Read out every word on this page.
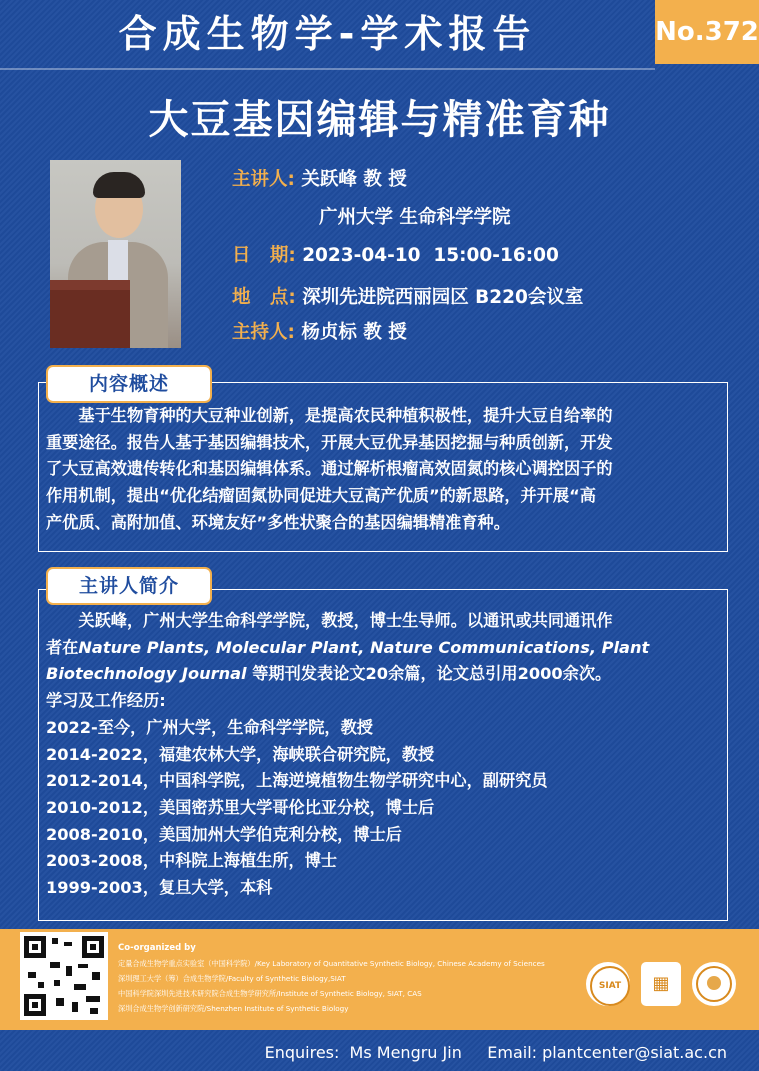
合成生物学-学术报告	No.372
大豆基因编辑与精准育种
主讲人: 关跃峰 教 授
广州大学 生命科学学院
日   期: 2023-04-10  15:00-16:00
地   点: 深圳先进院西丽园区 B220会议室
主持人: 杨贞标 教 授
内容概述
基于生物育种的大豆种业创新，是提高农民种植积极性，提升大豆自给率的
重要途径。报告人基于基因编辑技术，开展大豆优异基因挖掘与种质创新，开发
了大豆高效遗传转化和基因编辑体系。通过解析根瘤高效固氮的核心调控因子的
作用机制，提出“优化结瘤固氮协同促进大豆高产优质”的新思路，并开展“高
产优质、高附加值、环境友好”多性状聚合的基因编辑精准育种。
主讲人简介
关跃峰，广州大学生命科学学院，教授，博士生导师。以通讯或共同通讯作
者在Nature Plants, Molecular Plant, Nature Communications, Plant
Biotechnology Journal 等期刊发表论文20余篇，论文总引用2000余次。
学习及工作经历:
2022-至今，广州大学，生命科学学院，教授
2014-2022，福建农林大学，海峡联合研究院，教授
2012-2014，中国科学院，上海逆境植物生物学研究中心，副研究员
2010-2012，美国密苏里大学哥伦比亚分校，博士后
2008-2010，美国加州大学伯克利分校，博士后
2003-2008，中科院上海植生所，博士
1999-2003，复旦大学，本科
Co-organized by
定量合成生物学重点实验室（中国科学院）/Key Laboratory of Quantitative Synthetic Biology, Chinese Academy of Sciences
深圳理工大学（筹）合成生物学院/Faculty of Synthetic Biology,SIAT
中国科学院深圳先进技术研究院合成生物学研究所/Institute of Synthetic Biology, SIAT, CAS
深圳合成生物学创新研究院/Shenzhen Institute of Synthetic Biology
SIAT	▦
Enquires:  Ms Mengru Jin     Email: plantcenter@siat.ac.cn
